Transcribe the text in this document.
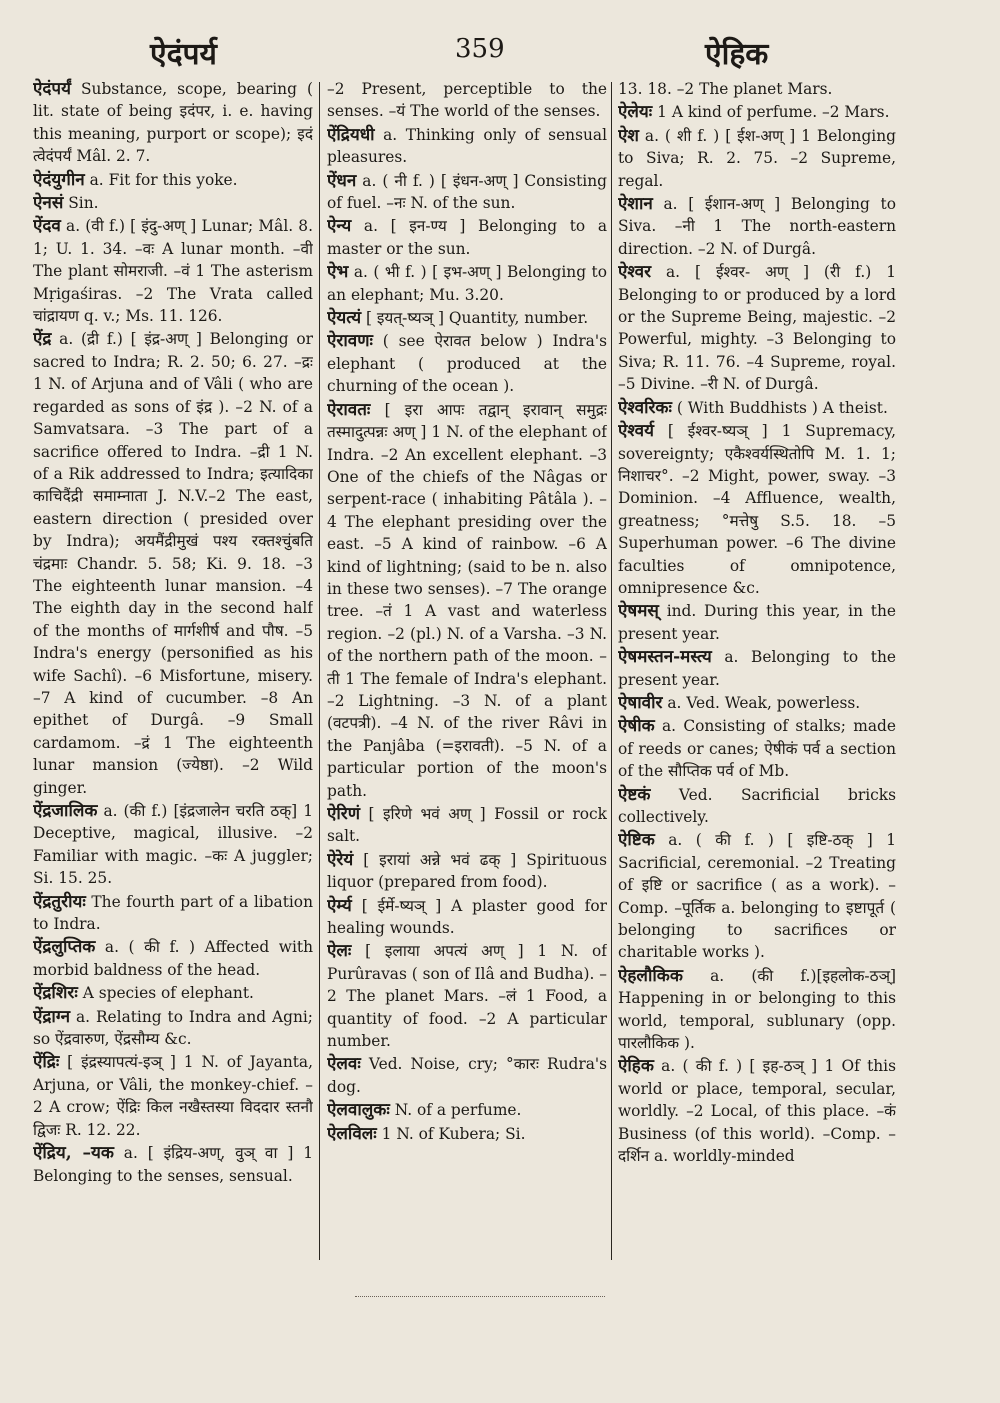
ऐदंपर्य	359	ऐहिक

ऐदंपर्यं Substance, scope, bearing ( lit. state of being इदंपर, i. e. having this meaning, purport or scope); इदं त्वेदंपर्यं Mâl. 2. 7.

ऐदंयुगीन a. Fit for this yoke.

ऐनसं Sin.

ऐंदव a. (वी f.) [ इंदु-अण् ] Lunar; Mâl. 8. 1; U. 1. 34. –वः A lunar month. –वी The plant सोमराजी. –वं 1 The asterism Mṛigaśiras. –2 The Vrata called चांद्रायण q. v.; Ms. 11. 126.

ऐंद्र a. (द्री f.) [ इंद्र-अण् ] Belonging or sacred to Indra; R. 2. 50; 6. 27. –द्रः 1 N. of Arjuna and of Vâli ( who are regarded as sons of इंद्र ). –2 N. of a Samvatsara. –3 The part of a sacrifice offered to Indra. –द्री 1 N. of a Rik addressed to Indra; इत्यादिका काचिदैंद्री समाम्नाता J. N.V.–2 The east, eastern direction ( presided over by Indra); अयमैंद्रीमुखं पश्य रक्तश्चुंबति चंद्रमाः Chandr. 5. 58; Ki. 9. 18. –3 The eighteenth lunar mansion. –4 The eighth day in the second half of the months of मार्गशीर्ष and पौष. –5 Indra's energy (personified as his wife Sachî). –6 Misfortune, misery. –7 A kind of cucumber. –8 An epithet of Durgâ. –9 Small cardamom. –द्रं 1 The eighteenth lunar mansion (ज्येष्ठा). –2 Wild ginger.

ऐंद्रजालिक a. (की f.) [इंद्रजालेन चरति ठक्] 1 Deceptive, magical, illusive. –2 Familiar with magic. –कः A juggler; Si. 15. 25.

ऐंद्रतुरीयः The fourth part of a libation to Indra.

ऐंद्रलुप्तिक a. ( की f. ) Affected with morbid baldness of the head.

ऐंद्रशिरः A species of elephant.

ऐंद्राग्न a. Relating to Indra and Agni; so ऐंद्रवारुण, ऐंद्रसौम्य &c.

ऐंद्रिः [ इंद्रस्यापत्यं-इञ् ] 1 N. of Jayanta, Arjuna, or Vâli, the monkey-chief. –2 A crow; ऐंद्रिः किल नखैस्तस्या विददार स्तनौ द्विजः R. 12. 22.

ऐंद्रिय, –यक a. [ इंद्रिय-अण्, वुञ् वा ] 1 Belonging to the senses, sensual.

–2 Present, perceptible to the senses. –यं The world of the senses.

ऐंद्रियधी a. Thinking only of sensual pleasures.

ऐंधन a. ( नी f. ) [ इंधन-अण् ] Consisting of fuel. –नः N. of the sun.

ऐन्य a. [ इन-ण्य ] Belonging to a master or the sun.

ऐभ a. ( भी f. ) [ इभ-अण् ] Belonging to an elephant; Mu. 3.20.

ऐयत्यं [ इयत्-ष्यञ् ] Quantity, number.

ऐरावणः ( see ऐरावत below ) Indra's elephant ( produced at the churning of the ocean ).

ऐरावतः [ इरा आपः तद्वान् इरावान् समुद्रः तस्मादुत्पन्नः अण् ] 1 N. of the elephant of Indra. –2 An excellent elephant. –3 One of the chiefs of the Nâgas or serpent-race ( inhabiting Pâtâla ). –4 The elephant presiding over the east. –5 A kind of rainbow. –6 A kind of lightning; (said to be n. also in these two senses). –7 The orange tree. –तं 1 A vast and waterless region. –2 (pl.) N. of a Varsha. –3 N. of the northern path of the moon. –ती 1 The female of Indra's elephant. –2 Lightning. –3 N. of a plant (वटपत्री). –4 N. of the river Râvi in the Panjâba (=इरावती). –5 N. of a particular portion of the moon's path.

ऐरिणं [ इरिणे भवं अण् ] Fossil or rock salt.

ऐरेयं [ इरायां अन्ने भवं ढक् ] Spirituous liquor (prepared from food).

ऐर्म्य [ ईर्मे-ष्यञ् ] A plaster good for healing wounds.

ऐलः [ इलाया अपत्यं अण् ] 1 N. of Purûravas ( son of Ilâ and Budha). –2 The planet Mars. –लं 1 Food, a quantity of food. –2 A particular number.

ऐलवः Ved. Noise, cry; °कारः Rudra's dog.

ऐलवालुकः N. of a perfume.

ऐलविलः 1 N. of Kubera; Si.

13. 18. –2 The planet Mars.

ऐलेयः 1 A kind of perfume. –2 Mars.

ऐश a. ( शी f. ) [ ईश-अण् ] 1 Belonging to Siva; R. 2. 75. –2 Supreme, regal.

ऐशान a. [ ईशान-अण् ] Belonging to Siva. –नी 1 The north-eastern direction. –2 N. of Durgâ.

ऐश्वर a. [ ईश्वर- अण् ] (री f.) 1 Belonging to or produced by a lord or the Supreme Being, majestic. –2 Powerful, mighty. –3 Belonging to Siva; R. 11. 76. –4 Supreme, royal. –5 Divine. –री N. of Durgâ.

ऐश्वरिकः ( With Buddhists ) A theist.

ऐश्वर्य [ ईश्वर-ष्यञ् ] 1 Supremacy, sovereignty; एकैश्वर्यस्थितोपि M. 1. 1; निशाचर°. –2 Might, power, sway. –3 Dominion. –4 Affluence, wealth, greatness; °मत्तेषु S.5. 18. –5 Superhuman power. –6 The divine faculties of omnipotence, omnipresence &c.

ऐषमस् ind. During this year, in the present year.

ऐषमस्तन-मस्त्य a. Belonging to the present year.

ऐषावीर a. Ved. Weak, powerless.

ऐषीक a. Consisting of stalks; made of reeds or canes; ऐषीकं पर्व a section of the सौप्तिक पर्व of Mb.

ऐष्टकं Ved. Sacrificial bricks collectively.

ऐष्टिक a. ( की f. ) [ इष्टि-ठक् ] 1 Sacrificial, ceremonial. –2 Treating of इष्टि or sacrifice ( as a work). –Comp. –पूर्तिक a. belonging to इष्टापूर्त ( belonging to sacrifices or charitable works ).

ऐहलौकिक a. (की f.)[इहलोक-ठञ्] Happening in or belonging to this world, temporal, sublunary (opp. पारलौकिक ).

ऐहिक a. ( की f. ) [ इह-ठञ् ] 1 Of this world or place, temporal, secular, worldly. –2 Local, of this place. –कं Business (of this world). –Comp. –दर्शिन a. worldly-minded
